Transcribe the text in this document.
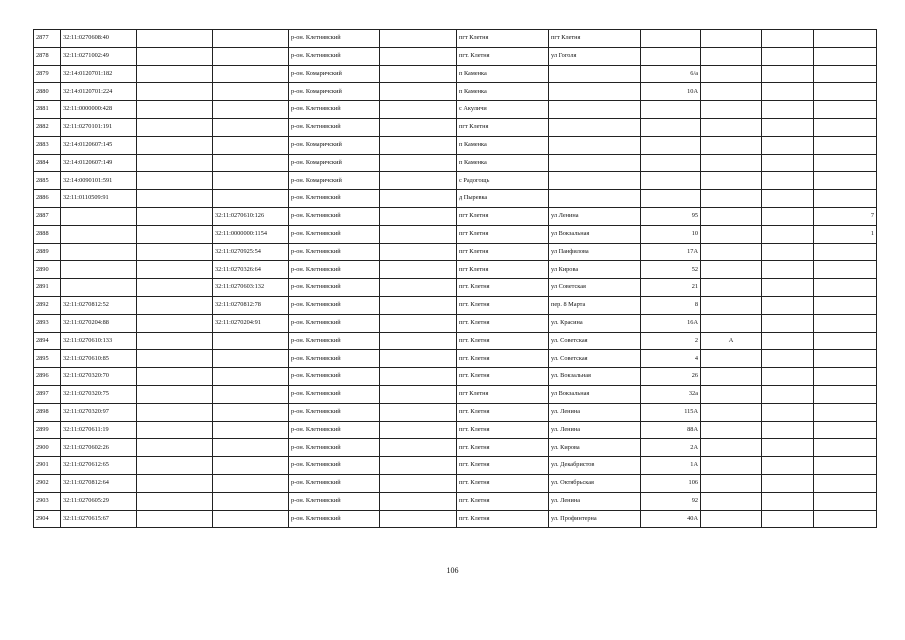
2877	32:11:0270608:40			р-он. Клетнявский		пгт Клетня	пгт Клетня				
2878	32:11:0271002:49			р-он. Клетнявский		пгт. Клетня	ул Гоголя				
2879	32:14:0120701:182			р-он. Комаричский		п Каменка		6/а			
2880	32:14:0120701:224			р-он. Комаричский		п Каменка		10А			
2881	32:11:0000000:428			р-он. Клетнявский		с Акуличи					
2882	32:11:0270101:191			р-он. Клетнявский		пгт Клетня					
2883	32:14:0120607:145			р-он. Комаричский		п Каменка					
2884	32:14:0120607:149			р-он. Комаричский		п Каменка					
2885	32:14:0090101:591			р-он. Комаричский		с Радогощь					
2886	32:11:0110509:91			р-он. Клетнявский		д Пыревка					
2887			32:11:0270610:126	р-он. Клетнявский		пгт Клетня	ул Ленина	95			7
2888			32:11:0000000:1154	р-он. Клетнявский		пгт Клетня	ул Вокзальная	10			1
2889			32:11:0270925:54	р-он. Клетнявский		пгт Клетня	ул Панфилова	17А			
2890			32:11:0270326:64	р-он. Клетнявский		пгт Клетня	ул Кирова	52			
2891			32:11:0270603:132	р-он. Клетнявский		пгт. Клетня	ул Советская	21			
2892	32:11:0270812:52		32:11:0270812:78	р-он. Клетнявский		пгт. Клетня	пер. 8 Марта	8			
2893	32:11:0270204:88		32:11:0270204:91	р-он. Клетнявский		пгт. Клетня	ул. Красина	16А			
2894	32:11:0270610:133			р-он. Клетнявский		пгт. Клетня	ул. Советская	2	А		
2895	32:11:0270610:85			р-он. Клетнявский		пгт. Клетня	ул. Советская	4			
2896	32:11:0270320:70			р-он. Клетнявский		пгт. Клетня	ул. Вокзальная	26			
2897	32:11:0270320:75			р-он. Клетнявский		пгт Клетня	ул Вокзальная	32а			
2898	32:11:0270320:97			р-он. Клетнявский		пгт. Клетня	ул. Ленина	115А			
2899	32:11:0270611:19			р-он. Клетнявский		пгт. Клетня	ул. Ленина	88А			
2900	32:11:0270602:26			р-он. Клетнявский		пгт. Клетня	ул. Кирова	2А			
2901	32:11:0270612:65			р-он. Клетнявский		пгт. Клетня	ул. Декабристов	1А			
2902	32:11:0270812:64			р-он. Клетнявский		пгт. Клетня	ул. Октябрьская	106			
2903	32:11:0270605:29			р-он. Клетнявский		пгт. Клетня	ул. Ленина	92			
2904	32:11:0270615:67			р-он. Клетнявский		пгт. Клетня	ул. Профинтерна	40А			
106
